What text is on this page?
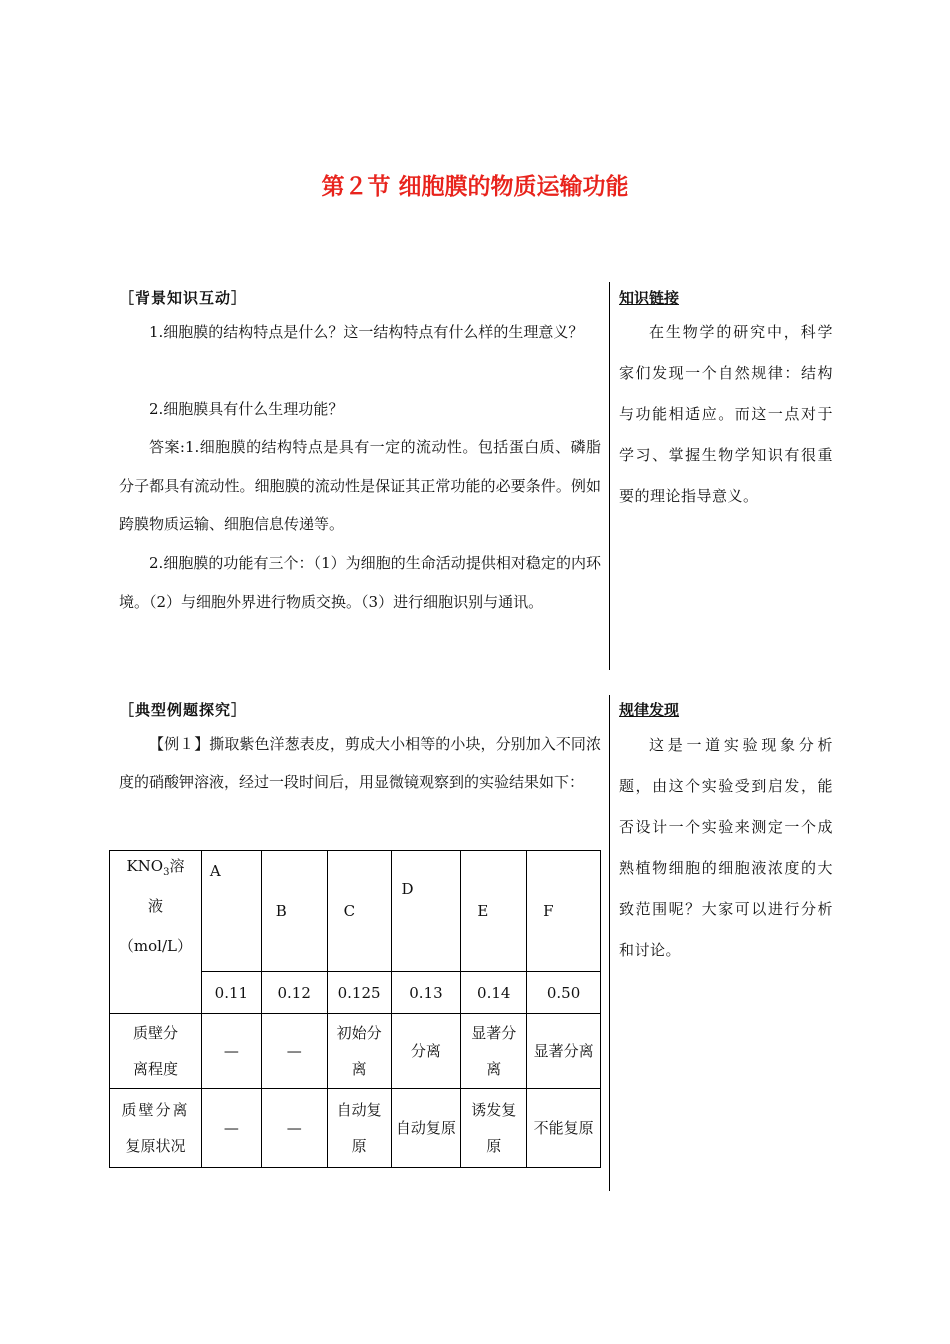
第２节 细胞膜的物质运输功能
［背景知识互动］

1.细胞膜的结构特点是什么？这一结构特点有什么样的生理意义？

2.细胞膜具有什么生理功能？

答案:1.细胞膜的结构特点是具有一定的流动性。包括蛋白质、磷脂分子都具有流动性。细胞膜的流动性是保证其正常功能的必要条件。例如跨膜物质运输、细胞信息传递等。

2.细胞膜的功能有三个：（1）为细胞的生命活动提供相对稳定的内环境。（2）与细胞外界进行物质交换。（3）进行细胞识别与通讯。

知识链接

在生物学的研究中，科学家们发现一个自然规律：结构与功能相适应。而这一点对于学习、掌握生物学知识有很重要的理论指导意义。

［典型例题探究］

【例１】撕取紫色洋葱表皮，剪成大小相等的小块，分别加入不同浓度的硝酸钾溶液，经过一段时间后，用显微镜观察到的实验结果如下：

规律发现

这是一道实验现象分析题，由这个实验受到启发，能否设计一个实验来测定一个成熟植物细胞的细胞液浓度的大致范围呢？大家可以进行分析和讨论。

$KNO_3$溶
液
（mol/L）	A	B	C	D	E	F
	0.11	0.12	0.125	0.13	0.14	0.50

质壁分
离程度	—	—	初始分离	分离	显著分离	显著分离

质壁分离
复原状况	—	—	自动复原	自动复原	诱发复原	不能复原
